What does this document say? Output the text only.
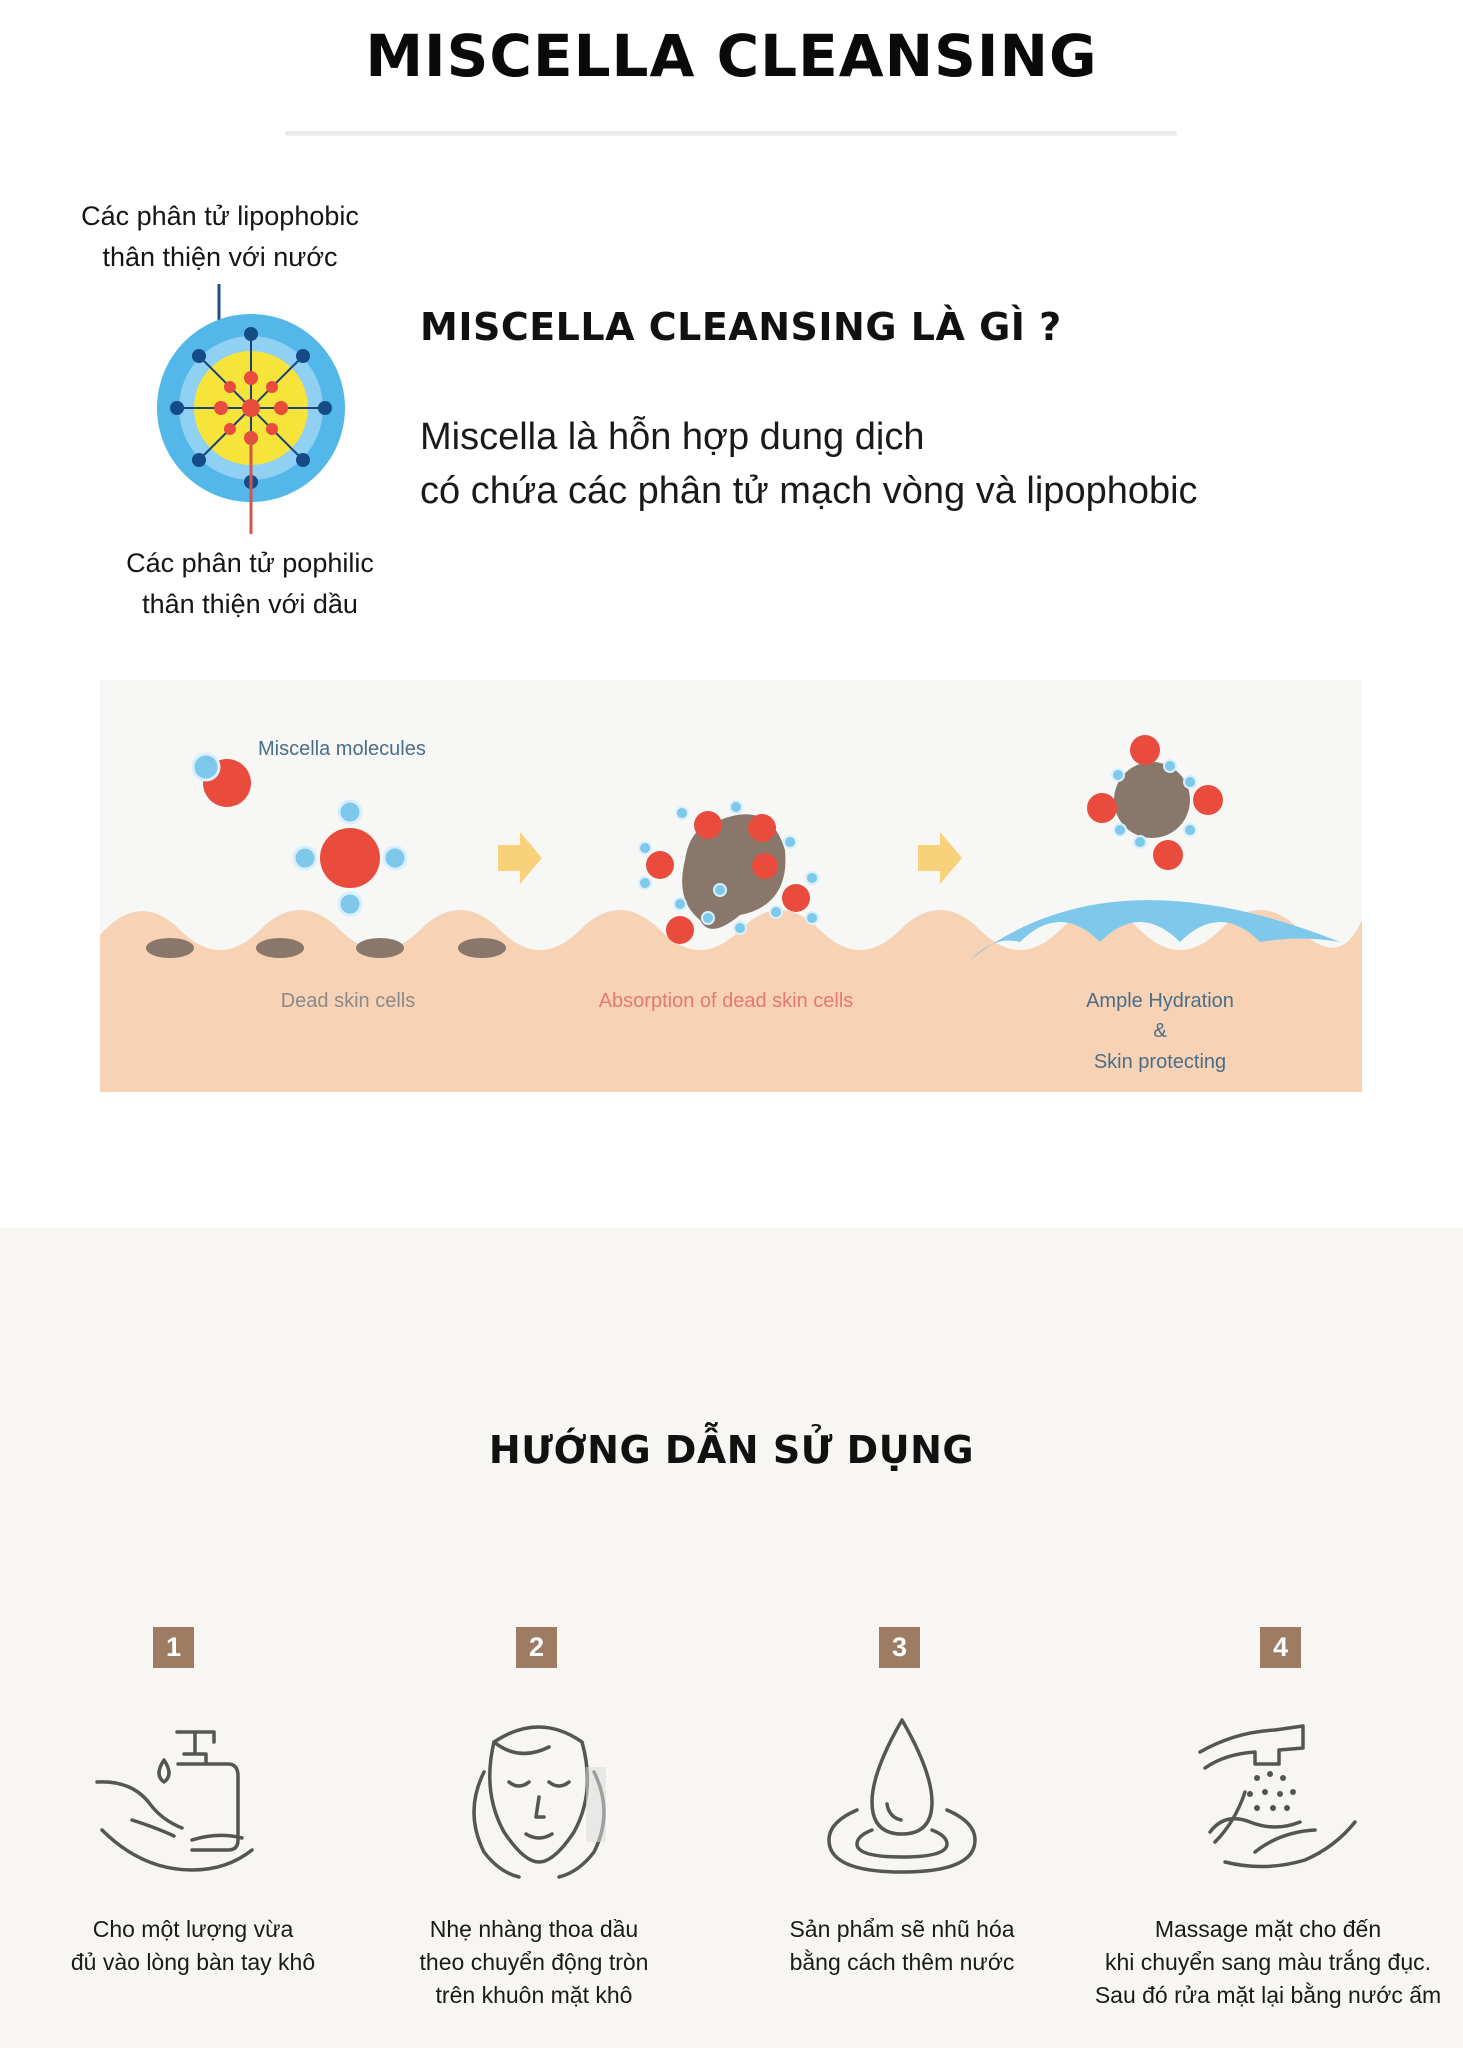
MISCELLA CLEANSING
Các phân tử lipophobic
thân thiện với nước
Các phân tử pophilic
thân thiện với dầu
MISCELLA CLEANSING LÀ GÌ ?
Miscella là hỗn hợp dung dịch
có chứa các phân tử mạch vòng và lipophobic
Miscella molecules
Dead skin cells	Absorption of dead skin cells	Ample Hydration
&
Skin protecting
HƯỚNG DẪN SỬ DỤNG
1
Cho một lượng vừa
đủ vào lòng bàn tay khô
2
Nhẹ nhàng thoa dầu
theo chuyển động tròn
trên khuôn mặt khô
3
Sản phẩm sẽ nhũ hóa
bằng cách thêm nước
4
Massage mặt cho đến
khi chuyển sang màu trắng đục.
Sau đó rửa mặt lại bằng nước ấm
